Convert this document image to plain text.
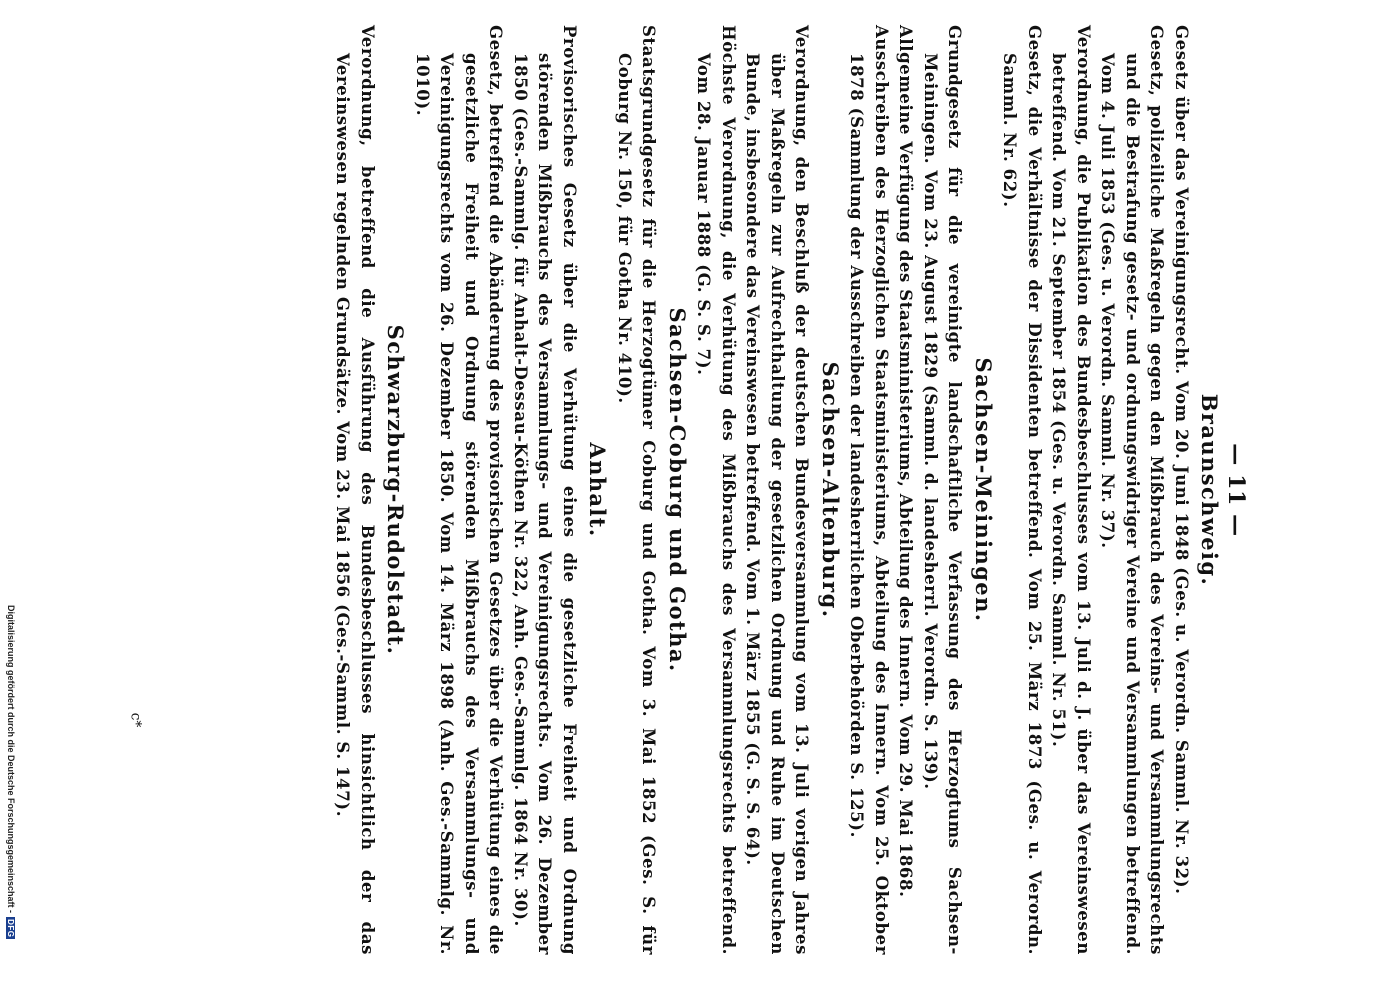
Digitalisierung gefördert durch die Deutsche Forschungsgemeinschaft -
DFG
— 11 —
Braunschweig.
Gesetz über das Vereinigungsrecht. Vom 20. Juni 1848 (Ges. u. Verordn. Samml. Nr. 32).
Gesetz, polizeiliche Maßregeln gegen den Mißbrauch des Vereins- und Versammlungsrechts und die Bestrafung gesetz- und ordnungswidriger Vereine und Versammlungen betreffend. Vom 4. Juli 1853 (Ges. u. Verordn. Samml. Nr. 37).
Verordnung, die Publikation des Bundesbeschlusses vom 13. Juli d. J. über das Vereinswesen betreffend. Vom 21. September 1854 (Ges. u. Verordn. Samml. Nr. 51).
Gesetz, die Verhältnisse der Dissidenten betreffend. Vom 25. März 1873 (Ges. u. Verordn. Samml. Nr. 62).
Sachsen-Meiningen.
Grundgesetz für die vereinigte landschaftliche Verfassung des Herzogtums Sachsen-Meiningen. Vom 23. August 1829 (Samml. d. landesherrl. Verordn. S. 139).
Allgemeine Verfügung des Staatsministeriums, Abteilung des Innern. Vom 29. Mai 1868.
Ausschreiben des Herzoglichen Staatsministeriums, Abteilung des Innern. Vom 25. Oktober 1878 (Sammlung der Ausschreiben der landesherrlichen Oberbehörden S. 125).
Sachsen-Altenburg.
Verordnung, den Beschluß der deutschen Bundesversammlung vom 13. Juli vorigen Jahres über Maßregeln zur Aufrechthaltung der gesetzlichen Ordnung und Ruhe im Deutschen Bunde, insbesondere das Vereinswesen betreffend. Vom 1. März 1855 (G. S. S. 64).
Höchste Verordnung, die Verhütung des Mißbrauchs des Versammlungsrechts betreffend. Vom 28. Januar 1888 (G. S. S. 7).
Sachsen-Coburg und Gotha.
Staatsgrundgesetz für die Herzogtümer Coburg und Gotha. Vom 3. Mai 1852 (Ges. S. für Coburg Nr. 150, für Gotha Nr. 410).
Anhalt.
Provisorisches Gesetz über die Verhütung eines die gesetzliche Freiheit und Ordnung störenden Mißbrauchs des Versammlungs- und Vereinigungsrechts. Vom 26. Dezember 1850 (Ges.-Sammlg. für Anhalt-Dessau-Köthen Nr. 322, Anh. Ges.-Sammlg. 1864 Nr. 30).
Gesetz, betreffend die Abänderung des provisorischen Gesetzes über die Verhütung eines die gesetzliche Freiheit und Ordnung störenden Mißbrauchs des Versammlungs- und Vereinigungsrechts vom 26. Dezember 1850. Vom 14. März 1898 (Anh. Ges.-Sammlg. Nr. 1010).
Schwarzburg-Rudolstadt.
Verordnung, betreffend die Ausführung des Bundesbeschlusses hinsichtlich der das Vereinswesen regelnden Grundsätze. Vom 23. Mai 1856 (Ges.-Samml. S. 147).
c*
